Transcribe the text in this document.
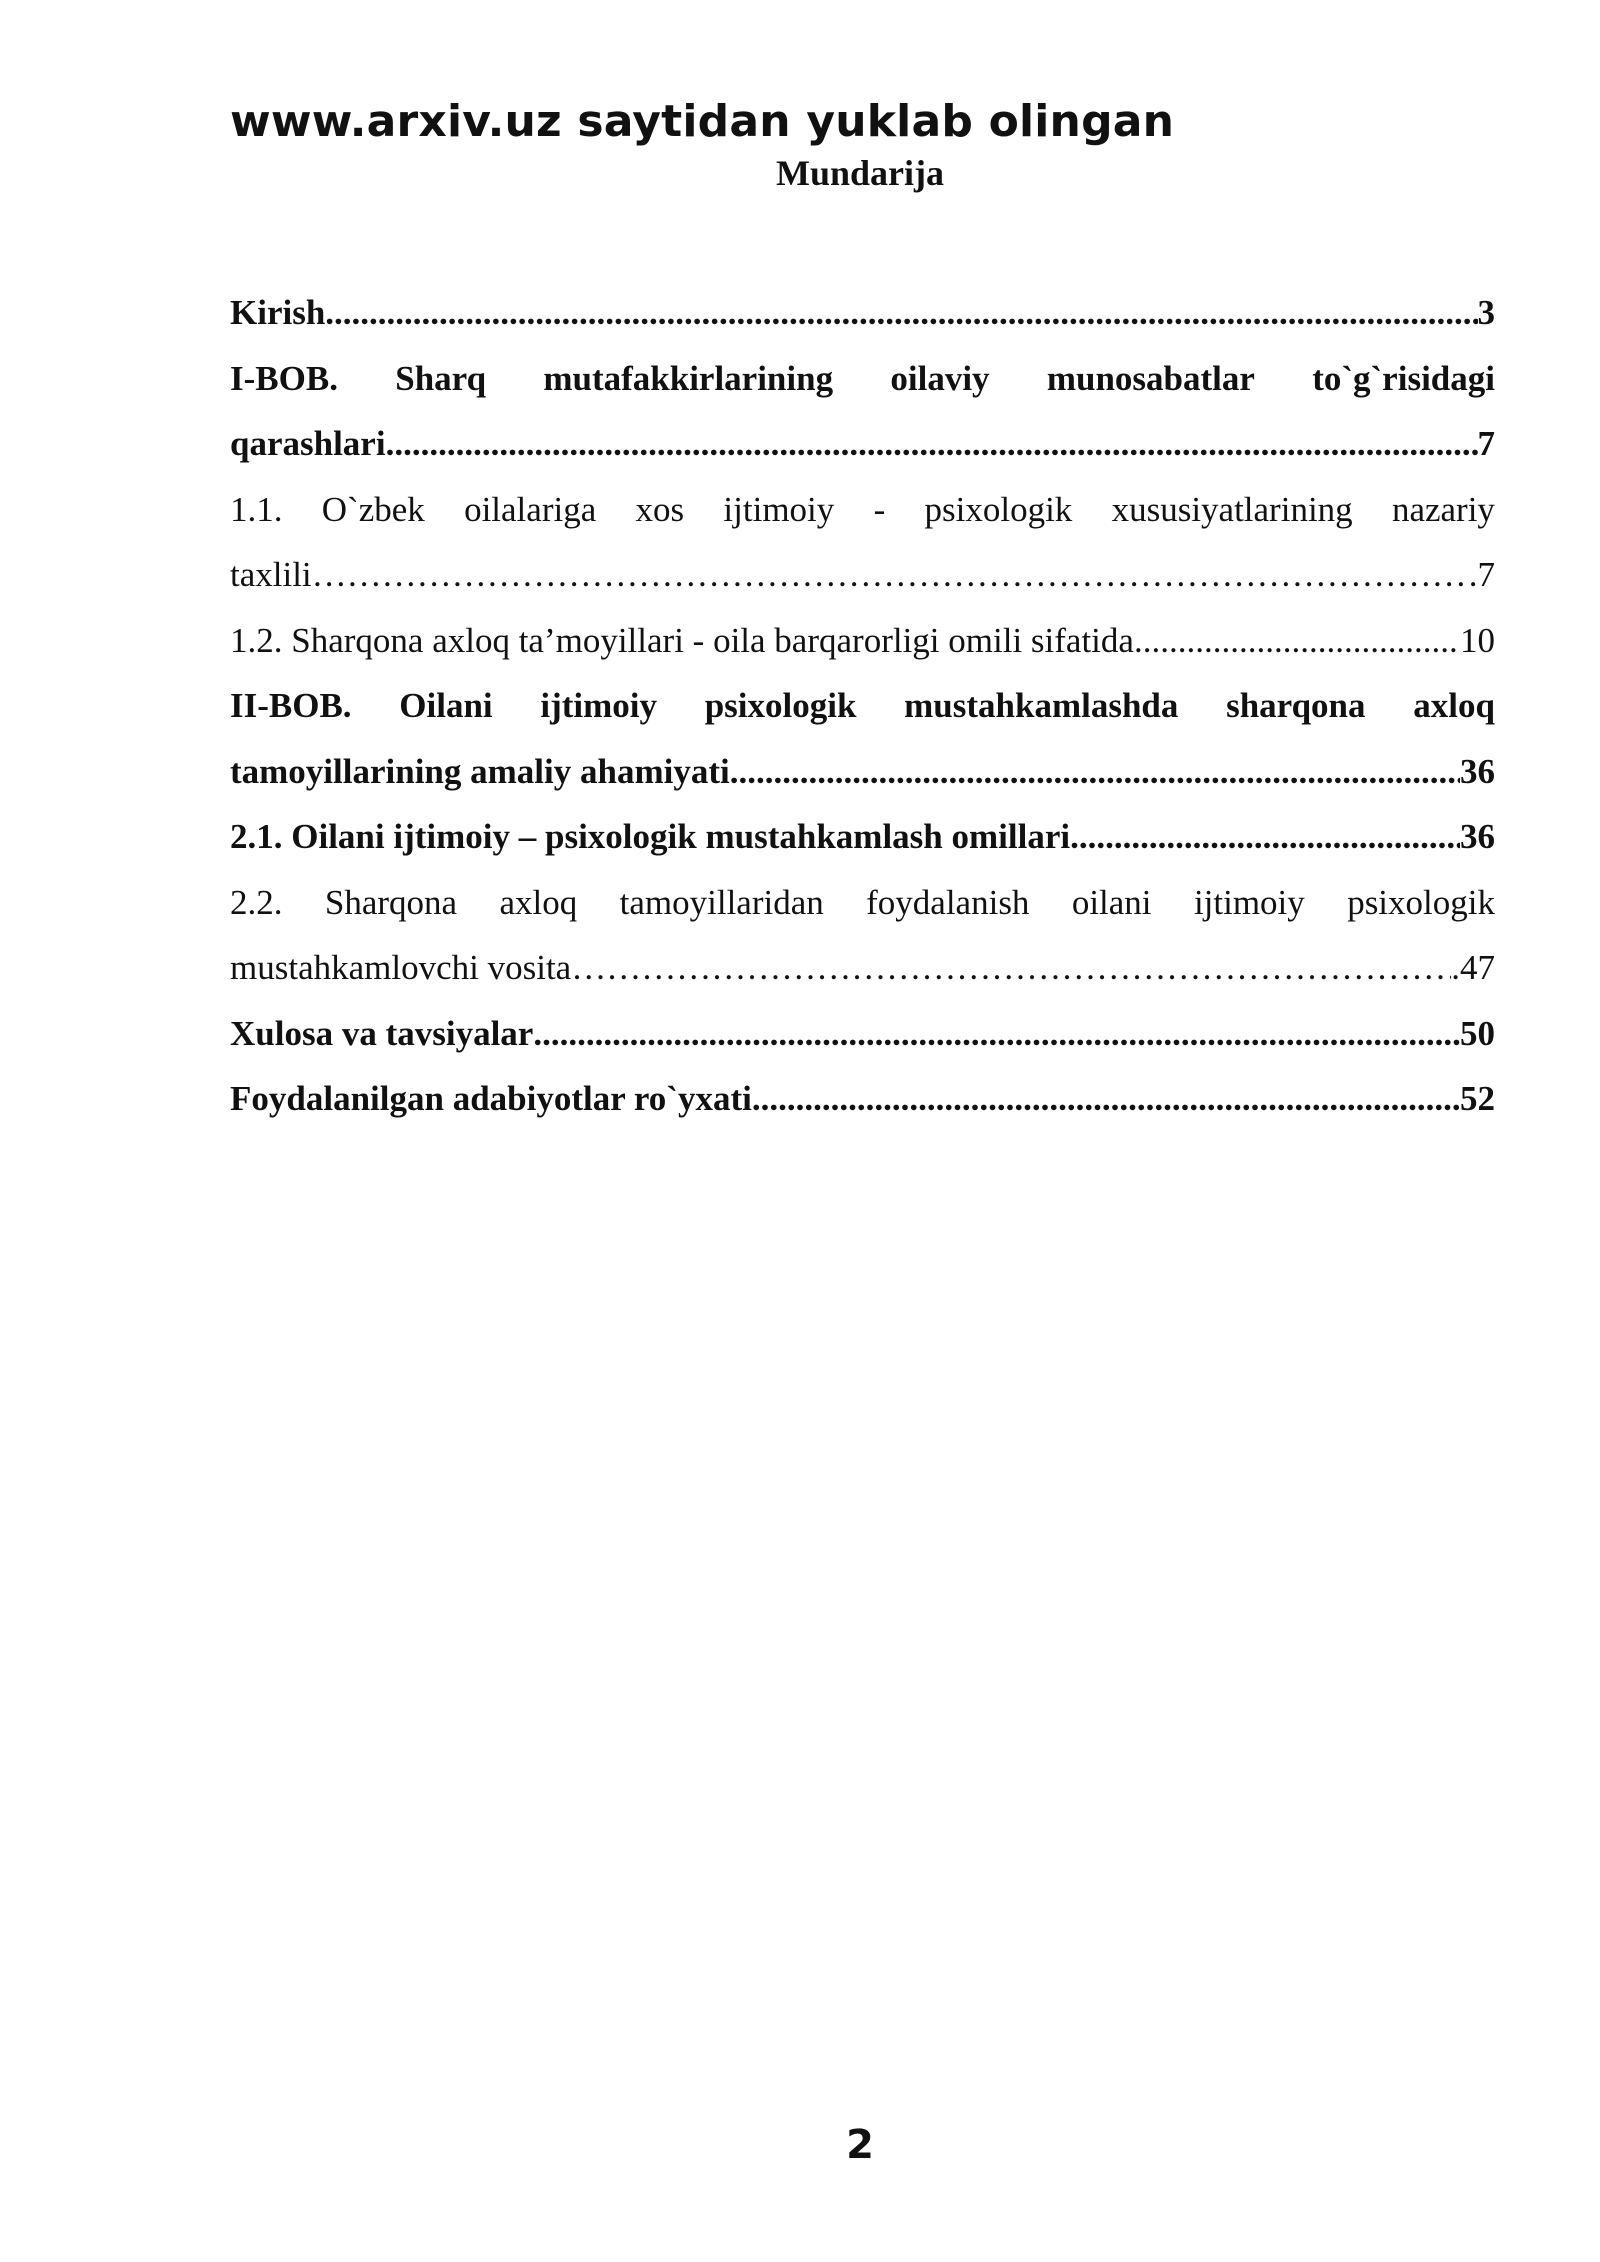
www.arxiv.uz saytidan yuklab olingan
Mundarija
Kirish .....	3
I-BOB. Sharq mutafakkirlarining oilaviy munosabatlar to`g`risidagi
qarashlari .....	7
1.1. O`zbek oilalariga xos ijtimoiy - psixologik xususiyatlarining nazariy
taxlili ……………………………………………………………………………………………………………………………………………………………………………………………………………………………………………………………	.7
1.2. Sharqona axloq ta’moyillari - oila barqarorligi omili sifatida .....	10
II-BOB. Oilani ijtimoiy psixologik mustahkamlashda sharqona axloq
tamoyillarining amaliy ahamiyati .....	36
2.1. Oilani ijtimoiy – psixologik mustahkamlash omillari .....	36
2.2. Sharqona axloq tamoyillaridan foydalanish oilani ijtimoiy psixologik
mustahkamlovchi vosita ……………………………………………………………………………………………………………………………………………………………………………………………………………………………………………………………	.47
Xulosa va tavsiyalar .....	50
Foydalanilgan adabiyotlar ro`yxati .....	52
2
